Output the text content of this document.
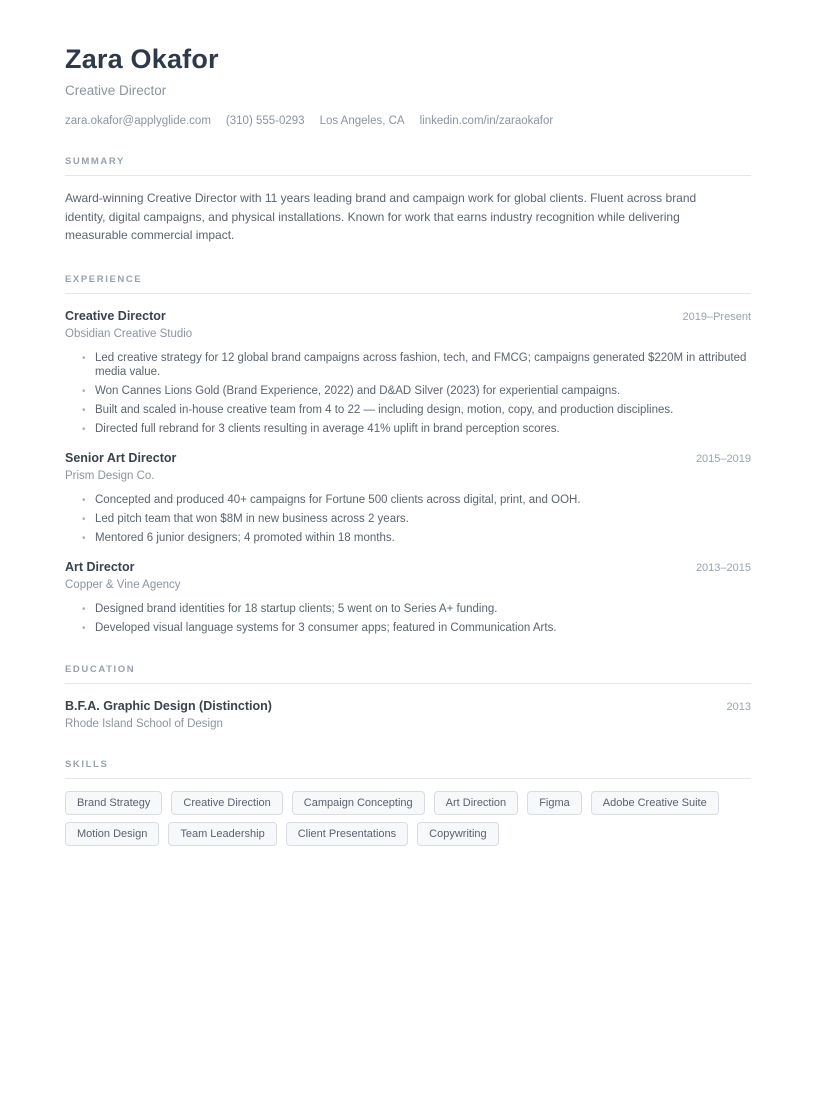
Zara Okafor
Creative Director
zara.okafor@applyglide.com (310) 555-0293 Los Angeles, CA linkedin.com/in/zaraokafor
SUMMARY

Award-winning Creative Director with 11 years leading brand and campaign work for global clients. Fluent across brand identity, digital campaigns, and physical installations. Known for work that earns industry recognition while delivering measurable commercial impact.

EXPERIENCE
Creative Director	2019–Present
Obsidian Creative Studio
• Led creative strategy for 12 global brand campaigns across fashion, tech, and FMCG; campaigns generated $220M in attributed media value.
• Won Cannes Lions Gold (Brand Experience, 2022) and D&AD Silver (2023) for experiential campaigns.
• Built and scaled in-house creative team from 4 to 22 — including design, motion, copy, and production disciplines.
• Directed full rebrand for 3 clients resulting in average 41% uplift in brand perception scores.
Senior Art Director	2015–2019
Prism Design Co.
• Concepted and produced 40+ campaigns for Fortune 500 clients across digital, print, and OOH.
• Led pitch team that won $8M in new business across 2 years.
• Mentored 6 junior designers; 4 promoted within 18 months.
Art Director	2013–2015
Copper & Vine Agency
• Designed brand identities for 18 startup clients; 5 went on to Series A+ funding.
• Developed visual language systems for 3 consumer apps; featured in Communication Arts.
EDUCATION
B.F.A. Graphic Design (Distinction)	2013
Rhode Island School of Design
SKILLS
Brand Strategy	Creative Direction	Campaign Concepting	Art Direction	Figma	Adobe Creative Suite
Motion Design	Team Leadership	Client Presentations	Copywriting
